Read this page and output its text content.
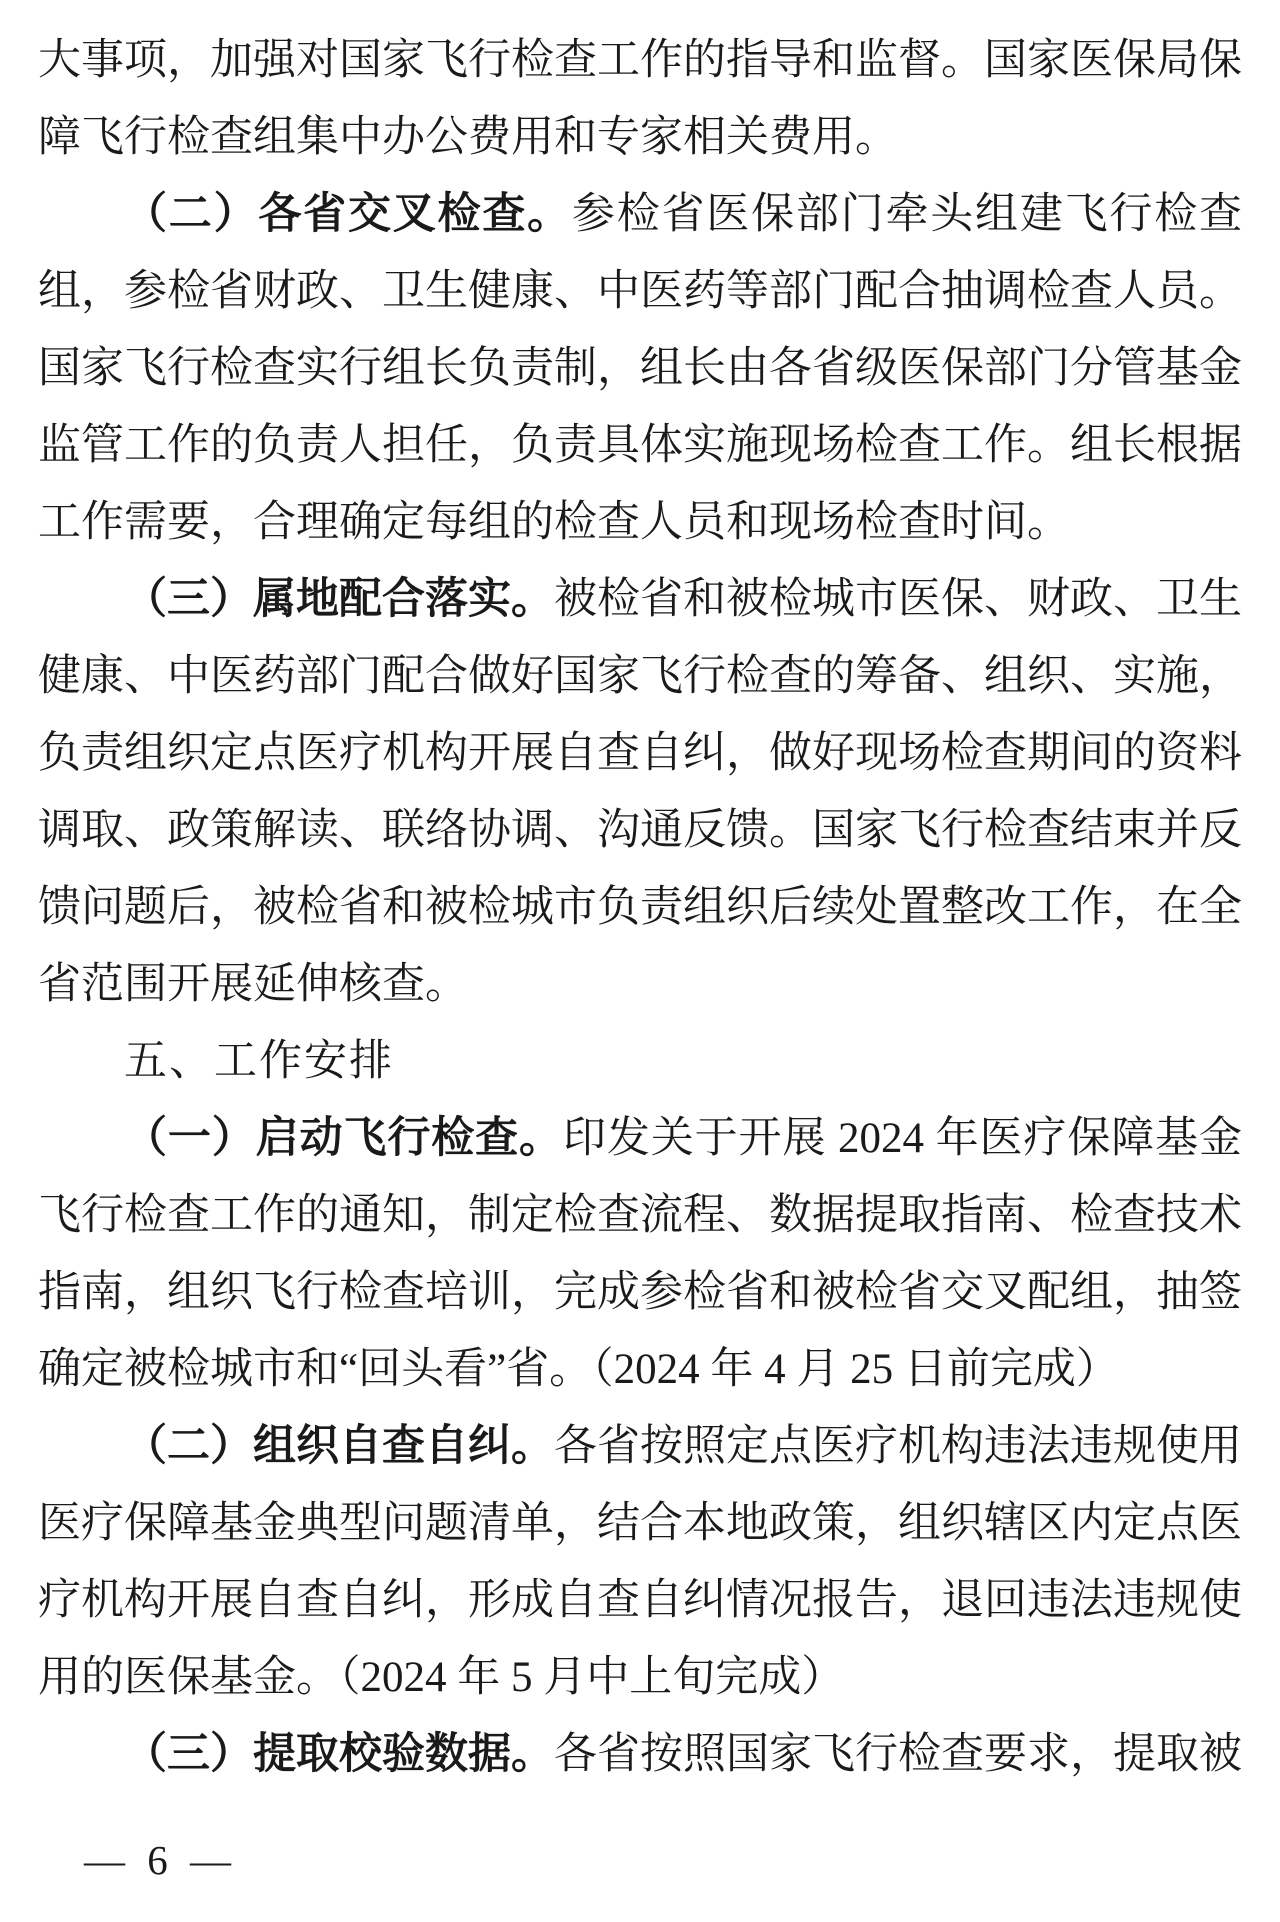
大事项，加强对国家飞行检查工作的指导和监督。国家医保局保障飞行检查组集中办公费用和专家相关费用。

（二）各省交叉检查。参检省医保部门牵头组建飞行检查组，参检省财政、卫生健康、中医药等部门配合抽调检查人员。国家飞行检查实行组长负责制，组长由各省级医保部门分管基金监管工作的负责人担任，负责具体实施现场检查工作。组长根据工作需要，合理确定每组的检查人员和现场检查时间。

（三）属地配合落实。被检省和被检城市医保、财政、卫生健康、中医药部门配合做好国家飞行检查的筹备、组织、实施，负责组织定点医疗机构开展自查自纠，做好现场检查期间的资料调取、政策解读、联络协调、沟通反馈。国家飞行检查结束并反馈问题后，被检省和被检城市负责组织后续处置整改工作，在全省范围开展延伸核查。

五、工作安排

（一）启动飞行检查。印发关于开展 2024 年医疗保障基金飞行检查工作的通知，制定检查流程、数据提取指南、检查技术指南，组织飞行检查培训，完成参检省和被检省交叉配组，抽签确定被检城市和“回头看”省。（2024 年 4 月 25 日前完成）

（二）组织自查自纠。各省按照定点医疗机构违法违规使用医疗保障基金典型问题清单，结合本地政策，组织辖区内定点医疗机构开展自查自纠，形成自查自纠情况报告，退回违法违规使用的医保基金。（2024 年 5 月中上旬完成）

（三）提取校验数据。各省按照国家飞行检查要求，提取被

— 6 —
